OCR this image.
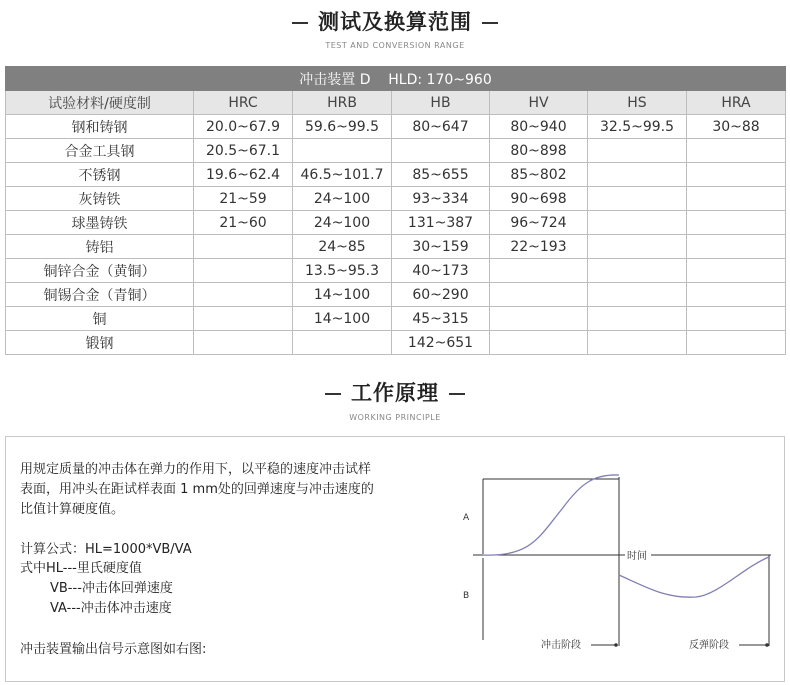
测试及换算范围
TEST AND CONVERSION RANGE
冲击装置 D    HLD: 170~960						
试验材料/硬度制	HRC	HRB	HB	HV	HS	HRA
钢和铸钢	20.0~67.9	59.6~99.5	80~647	80~940	32.5~99.5	30~88
合金工具钢	20.5~67.1			80~898		
不锈钢	19.6~62.4	46.5~101.7	85~655	85~802		
灰铸铁	21~59	24~100	93~334	90~698		
球墨铸铁	21~60	24~100	131~387	96~724		
铸铝		24~85	30~159	22~193		
铜锌合金（黄铜）		13.5~95.3	40~173			
铜锡合金（青铜）		14~100	60~290			
铜		14~100	45~315			
锻钢			142~651			
工作原理
WORKING PRINCIPLE
用规定质量的冲击体在弹力的作用下，以平稳的速度冲击试样
表面，用冲头在距试样表面 1 mm处的回弹速度与冲击速度的
比值计算硬度值。
计算公式：HL=1000*VB/VA
式中HL---里氏硬度值
VB---冲击体回弹速度
VA---冲击体冲击速度
冲击装置输出信号示意图如右图:
A
B
时间
冲击阶段	反弹阶段
